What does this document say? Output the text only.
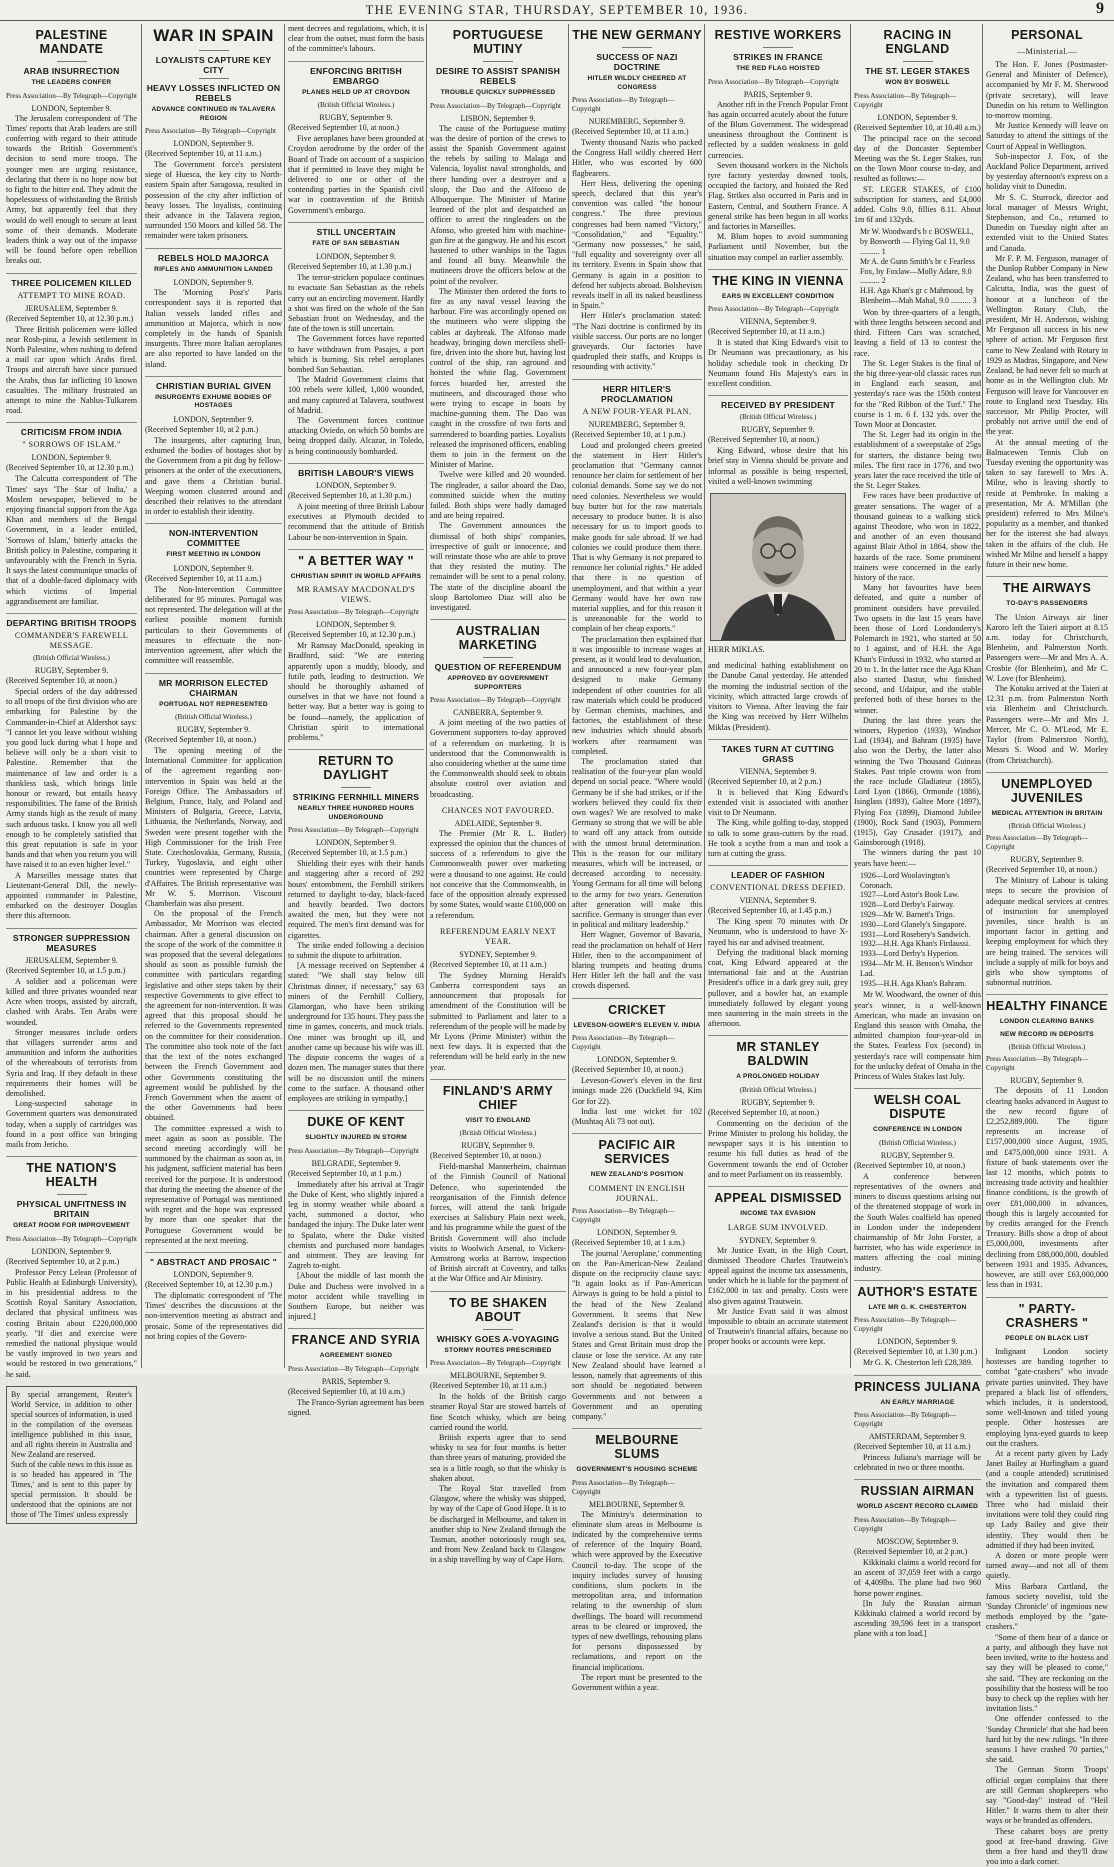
THE EVENING STAR, THURSDAY, SEPTEMBER 10, 1936.	9
PALESTINE MANDATE
ARAB INSURRECTION
THE LEADERS CONFER
Press Association—By Telegraph—Copyright
LONDON, September 9.

The Jerusalem correspondent of 'The Times' reports that Arab leaders are still conferring with regard to their attitude towards the British Government's decision to send more troops. The younger men are urging resistance, declaring that there is no hope now but to fight to the bitter end. They admit the hopelessness of withstanding the British Army, but apparently feel that they would do well enough to secure at least some of their demands. Moderate leaders think a way out of the impasse will be found before open rebellion breaks out.

THREE POLICEMEN KILLED
ATTEMPT TO MINE ROAD.
JERUSALEM, September 9.
(Received September 10, at 12.30 p.m.)

Three British policemen were killed near Rosh-pina, a Jewish settlement in North Palestine, when rushing to defend a mail car upon which Arabs fired. Troops and aircraft have since pursued the Arabs, thus far inflicting 10 known casualties. The military frustrated an attempt to mine the Nablus-Tulkarem road.

CRITICISM FROM INDIA
" SORROWS OF ISLAM."
LONDON, September 9.
(Received September 10, at 12.30 p.m.)

The Calcutta correspondent of 'The Times' says 'The Star of India,' a Moslem newspaper, believed to be enjoying financial support from the Aga Khan and members of the Bengal Government, in a leader entitled, 'Sorrows of Islam,' bitterly attacks the British policy in Palestine, comparing it unfavourably with the French in Syria. It says the latest communique smacks of that of a double-faced diplomacy with which victims of Imperial aggrandisement are familiar.

DEPARTING BRITISH TROOPS
COMMANDER'S FAREWELL MESSAGE.
(British Official Wireless.)
RUGBY, September 9.
(Received September 10, at noon.)

Special orders of the day addressed to all troops of the first division who are embarking for Palestine by the Commander-in-Chief at Aldershot says: "I cannot let you leave without wishing you good luck during what I hope and believe will only be a short visit to Palestine. Remember that the maintenance of law and order is a thankless task, which brings little honour or reward, but entails heavy responsibilities. The fame of the British Army stands high as the result of many such arduous tasks. I know you all well enough to be completely satisfied that this great reputation is safe in your hands and that when you return you will have raised it to an even higher level."

A Marseilles message states that Lieutenant-General Dill, the newly-appointed commander in Palestine, embarked on the destroyer Douglas there this afternoon.

STRONGER SUPPRESSION MEASURES
JERUSALEM, September 9.
(Received September 10, at 1.5 p.m.)

A soldier and a policeman were killed and three privates wounded near Acre when troops, assisted by aircraft, clashed with Arabs. Ten Arabs were wounded.

Stronger measures include orders that villagers surrender arms and ammunition and inform the authorities of the whereabouts of terrorists from Syria and Iraq. If they default in these requirements their homes will be demolished.

Long-suspected sabotage in Government quarters was demonstrated today, when a supply of cartridges was found in a post office van bringing mails from Jericho.

THE NATION'S HEALTH
PHYSICAL UNFITNESS IN BRITAIN
GREAT ROOM FOR IMPROVEMENT
Press Association—By Telegraph—Copyright
LONDON, September 9.
(Received September 10, at 2 p.m.)

Professor Percy Lelean (Professor of Public Health at Edinburgh University), in his presidential address to the Scottish Royal Sanitary Association, declared that physical unfitness was costing Britain about £220,000,000 yearly. "If diet and exercise were remedied the national physique would be vastly improved in two years and would be restored in two generations," he said.

By special arrangement, Reuter's World Service, in addition to other special sources of information, is used in the compilation of the overseas intelligence published in this issue, and all rights therein in Australia and New Zealand are reserved.
Such of the cable news in this issue as is so headed has appeared in 'The Times,' and is sent to this paper by special permission. It should be understood that the opinions are not those of 'The Times' unless expressly
WAR IN SPAIN
LOYALISTS CAPTURE KEY CITY
HEAVY LOSSES INFLICTED ON REBELS
ADVANCE CONTINUED IN TALAVERA REGION
Press Association—By Telegraph—Copyright
LONDON, September 9.
(Received September 10, at 11 a.m.)

The Government force's persistent siege of Huesca, the key city to North-eastern Spain after Saragossa, resulted in possession of the city after infliction of heavy losses. The loyalists, continuing their advance in the Talavera region, surrounded 150 Moors and killed 58. The remainder were taken prisoners.

REBELS HOLD MAJORCA
RIFLES AND AMMUNITION LANDED
LONDON, September 9.

The 'Morning Post's' Paris correspondent says it is reported that Italian vessels landed rifles and ammunition at Majorca, which is now completely in the hands of Spanish insurgents. Three more Italian aeroplanes are also reported to have landed on the island.

CHRISTIAN BURIAL GIVEN
INSURGENTS EXHUME BODIES OF HOSTAGES
LONDON, September 9.
(Received September 10, at 2 p.m.)

The insurgents, after capturing Irun, exhumed the bodies of hostages shot by the Government from a pit dug by fellow-prisoners at the order of the executioners, and gave them a Christian burial. Weeping women clustered around and described their relatives to the attendant in order to establish their identity.

NON-INTERVENTION COMMITTEE
FIRST MEETING IN LONDON
LONDON, September 9.
(Received September 10, at 11 a.m.)

The Non-Intervention Committee deliberated for 95 minutes. Portugal was not represented. The delegation will at the earliest possible moment furnish particulars to their Governments of measures to effectuate the non-intervention agreement, after which the committee will reassemble.

MR MORRISON ELECTED CHAIRMAN
PORTUGAL NOT REPRESENTED
(British Official Wireless.)
RUGBY, September 9.
(Received September 10, at noon.)

The opening meeting of the International Committee for application of the agreement regarding non-intervention in Spain was held at the Foreign Office. The Ambassadors of Belgium, France, Italy, and Poland and Ministers of Bulgaria, Greece, Latvia, Lithuania, the Netherlands, Norway, and Sweden were present together with the High Commissioner for the Irish Free State. Czechoslovakia, Germany, Russia, Turkey, Yugoslavia, and eight other countries were represented by Charge d'Affaires. The British representative was Mr W. S. Morrison. Viscount Chamberlain was also present.

On the proposal of the French Ambassador, Mr Morrison was elected chairman. After a general discussion on the scope of the work of the committee it was proposed that the several delegations should as soon as possible furnish the committee with particulars regarding legislative and other steps taken by their respective Governments to give effect to the agreement for non-intervention. It was agreed that this proposal should be referred to the Governments represented on the committee for their consideration. The committee also took note of the fact that the text of the notes exchanged between the French Government and other Governments constituting the agreement would be published by the French Government when the assent of the other Governments had been obtained.

The committee expressed a wish to meet again as soon as possible. The second meeting accordingly will be summoned by the chairman as soon as, in his judgment, sufficient material has been received for the purpose. It is understood that during the meeting the absence of the representative of Portugal was mentioned with regret and the hope was expressed by more than one speaker that the Portuguese Government would be represented at the next meeting.

" ABSTRACT AND PROSAIC "
LONDON, September 9.
(Received September 10, at 12.30 p.m.)

The diplomatic correspondent of 'The Times' describes the discussions at the non-intervention meeting as abstract and prosaic. Some of the representatives did not bring copies of the Govern-

ment decrees and regulations, which, it is clear from the outset, must form the basis of the committee's labours.

ENFORCING BRITISH EMBARGO
PLANES HELD UP AT CROYDON
(British Official Wireless.)
RUGBY, September 9.
(Received September 10, at noon.)

Five aeroplanes have been grounded at Croydon aerodrome by the order of the Board of Trade on account of a suspicion that if permitted to leave they might be delivered to one or other of the contending parties in the Spanish civil war in contravention of the British Government's embargo.

STILL UNCERTAIN
FATE OF SAN SEBASTIAN
LONDON, September 9.
(Received September 10, at 1.30 p.m.)

The terror-stricken populace continues to evacuate San Sebastian as the rebels carry out an encircling movement. Hardly a shot was fired on the whole of the San Sebastian front on Wednesday, and the fate of the town is still uncertain.

The Government forces have reported to have withdrawn from Pasajes, a port which is burning. Six rebel aeroplanes bombed San Sebastian.

The Madrid Government claims that 100 rebels were killed, 1,000 wounded, and many captured at Talavera, southwest of Madrid.

The Government forces continue attacking Oviedo, on which 50 bombs are being dropped daily. Alcazar, in Toledo, is being continuously bombarded.

BRITISH LABOUR'S VIEWS
LONDON, September 9.
(Received September 10, at 1.30 p.m.)

A joint meeting of three British Labour executives at Plymouth decided to recommend that the attitude of British Labour be non-intervention in Spain.

" A BETTER WAY "
CHRISTIAN SPIRIT IN WORLD AFFAIRS
MR RAMSAY MACDONALD'S VIEWS.
Press Association—By Telegraph—Copyright
LONDON, September 9.
(Received September 10, at 12.30 p.m.)

Mr Ramsay MacDonald, speaking in Bradford, said: "We are entering apparently upon a muddy, bloody, and futile path, leading to destruction. We should be thoroughly ashamed of ourselves in that we have not found a better way. But a better way is going to be found—namely, the application of Christian spirit to international problems."

RETURN TO DAYLIGHT
STRIKING FERNHILL MINERS
NEARLY THREE HUNDRED HOURS UNDERGROUND
Press Association—By Telegraph—Copyright
LONDON, September 9.
(Received September 10, at 1.5 p.m.)

Shielding their eyes with their hands and staggering after a record of 292 hours' entombment, the Fernhill strikers returned to daylight to-day, black-faced and heavily bearded. Two doctors awaited the men, but they were not required. The men's first demand was for cigarettes.

The strike ended following a decision to submit the dispute to arbitration.

[A message received on September 4 stated: "We shall stay below till Christmas dinner, if necessary," say 63 miners of the Fernhill Colliery, Glamorgan, who have been striking underground for 135 hours. They pass the time in games, concerts, and mock trials. One miner was brought up ill, and another came up because his wife was ill. The dispute concerns the wages of a dozen men. The manager states that there will be no discussion until the miners come to the surface. A thousand other employees are striking in sympathy.]

DUKE OF KENT
SLIGHTLY INJURED IN STORM
Press Association—By Telegraph—Copyright
BELGRADE, September 9.
(Received September 10, at 1 p.m.)

Immediately after his arrival at Tragir the Duke of Kent, who slightly injured a leg in stormy weather while aboard a yacht, summoned a doctor, who bandaged the injury. The Duke later went to Spalato, where the Duke visited chemists and purchased more bandages and ointment. They are leaving for Zagreb to-night.

[About the middle of last month the Duke and Duchess were involved in a motor accident while travelling in Southern Europe, but neither was injured.]

FRANCE AND SYRIA
AGREEMENT SIGNED
Press Association—By Telegraph—Copyright
PARIS, September 9.
(Received September 10, at 10 a.m.)

The Franco-Syrian agreement has been signed.

PORTUGUESE MUTINY
DESIRE TO ASSIST SPANISH REBELS
TROUBLE QUICKLY SUPPRESSED
Press Association—By Telegraph—Copyright
LISBON, September 9.

The cause of the Portuguese mutiny was the desire of portion of the crews to assist the Spanish Government against the rebels by sailing to Malaga and Valencia, loyalist naval strongholds, and there handing over a destroyer and a sloop, the Dao and the Alfonso de Albuquerque. The Minister of Marine learned of the plot and despatched an officer to arrest the ringleaders on the Afonso, who greeted him with machine-gun fire at the gangway. He and his escort hastened to other warships in the Tagus and found all busy. Meanwhile the mutineers drove the officers below at the point of the revolver.

The Minister then ordered the forts to fire as any naval vessel leaving the harbour. Fire was accordingly opened on the mutineers who were slipping the cables at daybreak. The Alfonso made headway, bringing down merciless shell-fire, driven into the shore but, having lost control of the ship, ran aground and hoisted the white flag. Government forces boarded her, arrested the mutineers, and discouraged those who were trying to escape in boats by machine-gunning them. The Dao was caught in the crossfire of two forts and surrendered to boarding parties. Loyalists released the imprisoned officers, enabling them to join in the ferment on the Minister of Marine.

Twelve were killed and 20 wounded. The ringleader, a sailor aboard the Dao, committed suicide when the mutiny failed. Both ships were badly damaged and are being repaired.

The Government announces the dismissal of both ships' companies, irrespective of guilt or innocence, and will reinstate those who are able to prove that they resisted the mutiny. The remainder will be sent to a penal colony. The state of the discipline aboard the sloop Bartolomeo Diaz will also be investigated.

AUSTRALIAN MARKETING
QUESTION OF REFERENDUM
APPROVED BY GOVERNMENT SUPPORTERS
Press Association—By Telegraph—Copyright
CANBERRA, September 9.

A joint meeting of the two parties of Government supporters to-day approved of a referendum on marketing. It is understood that the Commonwealth is also considering whether at the same time the Commonwealth should seek to obtain absolute control over aviation and broadcasting.

CHANCES NOT FAVOURED.
ADELAIDE, September 9.

The Premier (Mr R. L. Butler) expressed the opinion that the chances of success of a referendum to give the Commonwealth power over marketing were a thousand to one against. He could not conceive that the Commonwealth, in face of the opposition already expressed by some States, would waste £100,000 on a referendum.

REFERENDUM EARLY NEXT YEAR.
SYDNEY, September 9.
(Received September 10, at 11 a.m.)

The Sydney Morning Herald's Canberra correspondent says an announcement that proposals for amendment of the Constitution will be submitted to Parliament and later to a referendum of the people will be made by Mr Lyons (Prime Minister) within the next few days. It is expected that the referendum will be held early in the new year.

FINLAND'S ARMY CHIEF
VISIT TO ENGLAND
(British Official Wireless.)
RUGBY, September 9.
(Received September 10, at noon.)

Field-marshal Mannerheim, chairman of the Finnish Council of National Defence, who superintended the reorganisation of the Finnish defence forces, will attend the tank brigade exercises at Salisbury Plain next week, and his programme while the guest of the British Government will also include visits to Woolwich Arsenal, to Vickers-Armstrong works at Barrow, inspection of British aircraft at Coventry, and talks at the War Office and Air Ministry.

TO BE SHAKEN ABOUT
WHISKY GOES A-VOYAGING
STORMY ROUTES PRESCRIBED
Press Association—By Telegraph—Copyright
MELBOURNE, September 9.
(Received September 10, at 11 a.m.)

In the holds of the British cargo steamer Royal Star are stowed barrels of fine Scotch whisky, which are being carried round the world.

British experts agree that to send whisky to sea for four months is better than three years of maturing, provided the sea is a little rough, so that the whisky is shaken about.

The Royal Star travelled from Glasgow, where the whisky was shipped, by way of the Cape of Good Hope. It is to be discharged in Melbourne, and taken in another ship to New Zealand through the Tasman, another notoriously rough sea, and from New Zealand back to Glasgow in a ship travelling by way of Cape Horn.

THE NEW GERMANY
SUCCESS OF NAZI DOCTRINE
HITLER WILDLY CHEERED AT CONGRESS
Press Association—By Telegraph—Copyright
NUREMBERG, September 9.
(Received September 10, at 11 a.m.)

Twenty thousand Nazis who packed the Congress Hall wildly cheered Herr Hitler, who was escorted by 600 flagbearers.

Herr Hess, delivering the opening speech, declared that this year's convention was called "the honour congress." The three previous congresses had been named "Victory," "Consolidation," and "Equality." "Germany now possesses," he said, "full equality and sovereignty over all its territory. Events in Spain show that Germany is again in a position to defend her subjects abroad. Bolshevism reveals itself in all its naked beastliness in Spain."

Herr Hitler's proclamation stated: "The Nazi doctrine is confirmed by its visible success. Our ports are no longer graveyards. Our factories have quadrupled their staffs, and Krupps is resounding with activity."

HERR HITLER'S PROCLAMATION
A NEW FOUR-YEAR PLAN.
NUREMBERG, September 9.
(Received September 10, at 1 p.m.)

Loud and prolonged cheers greeted the statement in Herr Hitler's proclamation that "Germany cannot renounce her claim for settlement of her colonial demands. Some say we do not need colonies. Nevertheless we would buy butter but for the raw materials necessary to produce butter. It is also necessary for us to import goods to make goods for sale abroad. If we had colonies we could produce them there. That is why Germany is not prepared to renounce her colonial rights." He added that there is no question of unemployment, and that within a year Germany would have her own raw material supplies, and for this reason it is unreasonable for the world to complain of her cheap exports."

The proclamation then explained that it was impossible to increase wages at present, as it would lead to devaluation, and announced a new four-year plan designed to make Germany independent of other countries for all raw materials which could be produced by German chemists, machines, and factories, the establishment of these new industries which should absorb workers after rearmament was completed.

The proclamation stated that realisation of the four-year plan would depend on social peace. "Where would Germany be if she had strikes, or if the workers believed they could fix their own wages? We are resolved to make Germany so strong that we will be able to ward off any attack from outside with the utmost brutal determination. This is the reason for our military measures, which will be increased, or decreased according to necessity. Young Germans for all time will belong to the army for two years. Generation after generation will make this sacrifice. Germany is stronger than ever in political and military leadership."

Herr Wagner, Governor of Bavaria, read the proclamation on behalf of Herr Hitler, then to the accompaniment of blaring trumpets and beating drums Herr Hitler left the hall and the vast crowds dispersed.

CRICKET
LEVESON-GOWER'S ELEVEN V. INDIA
Press Association—By Telegraph—Copyright
LONDON, September 9.
(Received September 10, at noon.)

Leveson-Gower's eleven in the first innings made 226 (Duckfield 94, Kim Gor for 22).

India lost one wicket for 102 (Mushtaq Ali 73 not out).

PACIFIC AIR SERVICES
NEW ZEALAND'S POSITION
COMMENT IN ENGLISH JOURNAL.
Press Association—By Telegraph—Copyright
LONDON, September 9.
(Received September 10, at 1 a.m.)

The journal 'Aeroplane,' commenting on the Pan-American-New Zealand dispute on the reciprocity clause says: "It again looks as if Pan-American Airways is going to be hold a pistol to the head of the New Zealand Government. It seems that New Zealand's decision is that it would involve a serious stand. But the United States and Great Britain must drop the clause or lose the service. At any rate New Zealand should have learned a lesson, namely that agreements of this sort should be negotiated between Governments and not between a Government and an operating company."

MELBOURNE SLUMS
GOVERNMENT'S HOUSING SCHEME
Press Association—By Telegraph—Copyright
MELBOURNE, September 9.

The Ministry's determination to eliminate slum areas in Melbourne is indicated by the comprehensive terms of reference of the Inquiry Board, which were approved by the Executive Council to-day. The scope of the inquiry includes survey of housing conditions, slum pockets in the metropolitan area, and information relating to the ownership of slum dwellings. The board will recommend areas to be cleared or improved, the types of new dwellings, rehousing plans for persons dispossessed by reclamations, and report on the financial implications.

The report must be presented to the Government within a year.

RESTIVE WORKERS
STRIKES IN FRANCE
THE RED FLAG HOISTED
Press Association—By Telegraph—Copyright
PARIS, September 9.

Another rift in the French Popular Front has again occurred acutely about the future of the Blum Government. The widespread uneasiness throughout the Continent is reflected by a sudden weakness in gold currencies.

Seven thousand workers in the Nichols tyre factory yesterday downed tools, occupied the factory, and hoisted the Red Flag. Strikes also occurred in Paris and in Eastern, Central, and Southern France. A general strike has been begun in all works and factories in Marseilles.

M. Blum hopes to avoid summoning Parliament until November, but the situation may compel an earlier assembly.

THE KING IN VIENNA
EARS IN EXCELLENT CONDITION
Press Association—By Telegraph—Copyright
VIENNA, September 9.
(Received September 10, at 11 a.m.)

It is stated that King Edward's visit to Dr Neumann was precautionary, as his holiday schedule took in checking Dr Neumann found His Majesty's ears in excellent condition.

RECEIVED BY PRESIDENT
(British Official Wireless.)
RUGBY, September 9.
(Received September 10, at noon.)

King Edward, whose desire that his brief stay in Vienna should be private and informal as possible is being respected, visited a well-known swimming

HERR MIKLAS.

and medicinal bathing establishment on the Danube Canal yesterday. He attended the morning the industrial section of the vicinity, which attracted large crowds of visitors to Vienna. After leaving the fair the King was received by Herr Wilhelm Miklas (President).

TAKES TURN AT CUTTING GRASS
VIENNA, September 9.
(Received September 10, at 2 p.m.)

It is believed that King Edward's extended visit is associated with another visit to Dr Neumann.

The King, while golfing to-day, stopped to talk to some grass-cutters by the road. He took a scythe from a man and took a turn at cutting the grass.

LEADER OF FASHION
CONVENTIONAL DRESS DEFIED.
VIENNA, September 9.
(Received September 10, at 1.45 p.m.)

The King spent 70 minutes with Dr Neumann, who is understood to have X-rayed his ear and advised treatment.

Defying the traditional black morning coat, King Edward appeared at the international fair and at the Austrian President's office in a dark grey suit, grey pullover, and a bowler hat, an example immediately followed by elegant young men sauntering in the main streets in the afternoon.

MR STANLEY BALDWIN
A PROLONGED HOLIDAY
(British Official Wireless.)
RUGBY, September 9.
(Received September 10, at noon.)

Commenting on the decision of the Prime Minister to prolong his holiday, the newspaper says it is his intention to resume his full duties as head of the Government towards the end of October and to meet Parliament on its reassembly.

APPEAL DISMISSED
INCOME TAX EVASION
LARGE SUM INVOLVED.
SYDNEY, September 9.

Mr Justice Evatt, in the High Court, dismissed Theodore Charles Trautwein's appeal against the income tax assessments, under which he is liable for the payment of £162,000 in tax and penalty. Costs were also given against Trautwein.

Mr Justice Evatt said it was almost impossible to obtain an accurate statement of Trautwein's financial affairs, because no proper books or accounts were kept.

RACING IN ENGLAND
THE ST. LEGER STAKES
WON BY BOSWELL
Press Association—By Telegraph—Copyright
LONDON, September 9.
(Received September 10, at 10.40 a.m.)

The principal race on the second day of the Doncaster September Meeting was the St. Leger Stakes, run on the Town Moor course to-day, and resulted as follows:—

ST. LEGER STAKES, of £100 subscription for starters, and £4,000 added. Colts 9.0, fillies 8.11. About 1m 6f and 132yds.

Mr W. Woodward's b c BOSWELL, by Bosworth — Flying Gal 11, 9.0 .......... 1
Mr A. de Gunn Smith's br c Fearless Fox, by Foxlaw—Molly Adare, 9.0 .......... 2
H.H. Aga Khan's gr c Mahmoud, by Blenheim—Mah Mahal, 9.0 .......... 3

Won by three-quarters of a length, with three lengths between second and third. Fifteen Cars was scratched, leaving a field of 13 to contest the race.

The St. Leger Stakes is the final of the big three-year-old classic races run in England each season, and yesterday's race was the 150th contest for the "Red Ribbon of the Turf." The course is 1 m. 6 f. 132 yds. over the Town Moor at Doncaster.

The St. Leger had its origin in the establishment of a sweepstake of 25gs for starters, the distance being two miles. The first race in 1776, and two years later the race received the title of the St. Leger Stakes.

Few races have been productive of greater sensations. The wager of a thousand guineas to a walking stick against Theodore, who won in 1822, and another of an even thousand against Blair Athol in 1864, show the hazards of the race. Some prominent trainers were concerned in the early history of the race.

Many hot favourites have been defeated, and quite a number of prominent outsiders have prevailed. Two upsets in the last 15 years have been those of Lord Londonderry's Polemarch in 1921, who started at 50 to 1 against, and of H.H. the Aga Khan's Firdussi in 1932, who started at 20 to 1. In the latter race the Aga Khan also started Dastur, who finished second, and Udaipur, and the stable preferred both of these horses to the winner.

During the last three years the winners, Hyperion (1933), Windsor Lad (1934), and Bahram (1935) have also won the Derby, the latter also winning the Two Thousand Guineas Stakes. Past triple crowns won from the race include Gladiateur (1865), Lord Lyon (1866), Ormonde (1886), Isinglass (1893), Galtee More (1897), Flying Fox (1899), Diamond Jubilee (1900), Rock Sand (1903), Pommern (1915), Gay Crusader (1917), and Gainsborough (1918).

The winners during the past 10 years have been:—

1926—Lord Woolavington's Coronach.
1927—Lord Astor's Book Law.
1928—Lord Derby's Fairway.
1929—Mr W. Barnett's Trigo.
1930—Lord Glanely's Singapore.
1931—Lord Rosebery's Sandwich.
1932—H.H. Aga Khan's Firdaussi.
1933—Lord Derby's Hyperion.
1934—Mr M. H. Benson's Windsor Lad.
1935—H.H. Aga Khan's Bahram.

Mr W. Woodward, the owner of this year's winner, is a well-known American, who made an invasion on England this season with Omaha, the admitted champion four-year-old in the States. Fearless Fox (second) in yesterday's race will compensate him for the unlucky defeat of Omaha in the Princess of Wales Stakes last July.

WELSH COAL DISPUTE
CONFERENCE IN LONDON
(British Official Wireless.)
RUGBY, September 9.
(Received September 10, at noon.)

A conference between representatives of the owners and miners to discuss questions arising out of the threatened stoppage of work in the South Wales coalfield has opened in London under the independent chairmanship of Mr John Forster, a barrister, who has wide experience in matters affecting the coal mining industry.

AUTHOR'S ESTATE
LATE MR G. K. CHESTERTON
Press Association—By Telegraph—Copyright
LONDON, September 9.
(Received September 10, at 1.30 p.m.)

Mr G. K. Chesterton left £28,389.

PRINCESS JULIANA
AN EARLY MARRIAGE
Press Association—By Telegraph—Copyright
AMSTERDAM, September 9.
(Received September 10, at 11 a.m.)

Princess Juliana's marriage will be celebrated in two or three months.

RUSSIAN AIRMAN
WORLD ASCENT RECORD CLAIMED
Press Association—By Telegraph—Copyright
MOSCOW, September 9.
(Received September 10, at 2 p.m.)

Kikkinaki claims a world record for an ascent of 37,059 feet with a cargo of 4,409lbs. The plane had two 960 horse power engines.

[In July the Russian airman Kikkinaki claimed a world record by ascending 39,596 feet in a transport plane with a ton load.]

PERSONAL
—Ministerial.—

The Hon. F. Jones (Postmaster-General and Minister of Defence), accompanied by Mr F. M. Sherwood (private secretary), will leave Dunedin on his return to Wellington to-morrow morning.

Mr Justice Kennedy will leave on Saturday to attend the sittings of the Court of Appeal in Wellington.

Sub-inspector J. Fox, of the Auckland Police Department, arrived by yesterday afternoon's express on a holiday visit to Dunedin.

Mr S. C. Sturrock, director and local manager of Messrs Wright, Stephenson, and Co., returned to Dunedin on Tuesday night after an extended visit to the United States and Canada.

Mr F. P. M. Ferguson, manager of the Dunlop Rubber Company in New Zealand, who has been transferred to Calcutta, India, was the guest of honour at a luncheon of the Wellington Rotary Club, the president, Mr H. Anderson, wishing Mr Ferguson all success in his new sphere of action. Mr Ferguson first came to New Zealand with Rotary in 1929 as Madras, Singapore, and New Zealand, he had never felt so much at home as in the Wellington club. Mr Ferguson will leave for Vancouver en route to England next Tuesday. His successor, Mr Philip Procter, will probably not arrive until the end of the year.

At the annual meeting of the Balmacewen Tennis Club on Tuesday evening the opportunity was taken to say farewell to Mrs A. Milne, who is leaving shortly to reside at Pembroke. In making a presentation, Mr A. M'Millan (the president) referred to Mrs Milne's popularity as a member, and thanked her for the interest she had always taken in the affairs of the club. He wished Mr Milne and herself a happy future in their new home.

THE AIRWAYS
TO-DAY'S PASSENGERS

The Union Airways air liner Karoro left the Taieri airport at 8.15 a.m. today for Christchurch, Blenheim, and Palmerston North. Passengers were—Mr and Mrs A. A. Crosbie (for Blenheim), and Mr C. W. Love (for Blenheim).

The Kotuku arrived at the Taieri at 12.31 p.m. from Palmerston North via Blenheim and Christchurch. Passengers were—Mr and Mrs J. Mercer, Mr C. O. M'Leod, Mr E. Taylor (from Palmerston North), Messrs S. Wood and W. Morley (from Christchurch).

UNEMPLOYED JUVENILES
MEDICAL ATTENTION IN BRITAIN
(British Official Wireless.)
Press Association—By Telegraph—Copyright
RUGBY, September 9.
(Received September 10, at noon.)

The Ministry of Labour is taking steps to secure the provision of adequate medical services at centres of instruction for unemployed juveniles, since health is an important factor in getting and keeping employment for which they are being trained. The services will include a supply of milk for boys and girls who show symptoms of subnormal nutrition.

HEALTHY FINANCE
LONDON CLEARING BANKS
NEW RECORD IN DEPOSITS
(British Official Wireless.)
Press Association—By Telegraph—Copyright
RUGBY, September 9.

The deposits of 11 London clearing banks advanced in August to the new record figure of £2,252,889,000. The figure represents an increase of £157,000,000 since August, 1935, and £475,000,000 since 1931. A fixture of bank statements over the last 12 months, which points to increasing trade activity and healthier finance conditions, is the growth of over £81,000,000 in advances, though this is largely accounted for by credits arranged for the French Treasury. Bills show a drop of about £5,000,000, investments after declining from £88,000,000, doubled between 1931 and 1935. Advances, however, are still over £63,000,000 less than in 1931.

" PARTY-CRASHERS "
PEOPLE ON BLACK LIST

Indignant London society hostesses are banding together to combat "gate-crashers" who invade private parties uninvited. They have prepared a black list of offenders, which includes, it is understood, some well-known and titled young people. Other hostesses are employing lynx-eyed guards to keep out the crashers.

At a recent party given by Lady Janet Bailey at Hurlingham a guard (and a couple attended) scrutinised the invitation and compared them with a typewritten list of guests. Three who had mislaid their invitations were told they could ring up Lady Bailey and give their identity. They would then be admitted if they had been invited.

A dozen or more people were turned away—and not all of them quietly.

Miss Barbara Cartland, the famous society novelist, told the 'Sunday Chronicle' of ingenious new methods employed by the "gate-crashers."

"Some of them hear of a dance or a party, and although they have not been invited, write to the hostess and say they will be pleased to come," she said. "They are reckoning on the possibility that the hostess will be too busy to check up the replies with her invitation lists."

One offender confessed to the 'Sunday Chronicle' that she had been hard hit by the new rulings. "In three seasons I have crashed 70 parties," she said.

The German Storm Troops' official organ complains that there are still German shopkeepers who say "Good-day" instead of "Heil Hitler." It warns them to alter their ways or be branded as offenders.

These cabaret boys are pretty good at free-hand drawing. Give them a free hand and they'll draw you into a dark corner.
